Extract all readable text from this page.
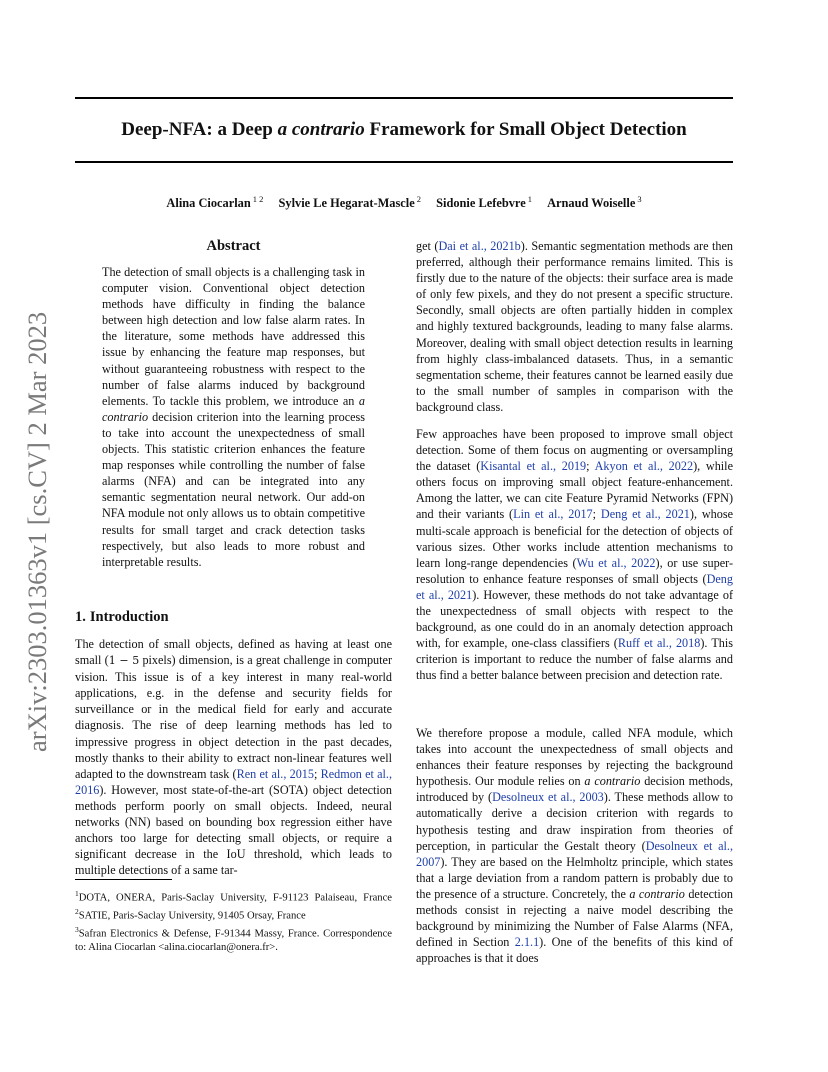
arXiv:2303.01363v1 [cs.CV] 2 Mar 2023
Deep-NFA: a Deep a contrario Framework for Small Object Detection
Alina Ciocarlan $^{1 2}$ Sylvie Le Hegarat-Mascle $^2$ Sidonie Lefebvre $^1$ Arnaud Woiselle $^3$
Abstract

The detection of small objects is a challenging task in computer vision. Conventional object detection methods have difficulty in finding the balance between high detection and low false alarm rates. In the literature, some methods have addressed this issue by enhancing the feature map responses, but without guaranteeing robustness with respect to the number of false alarms induced by background elements. To tackle this problem, we introduce an a contrario decision criterion into the learning process to take into account the unexpectedness of small objects. This statistic criterion enhances the feature map responses while controlling the number of false alarms (NFA) and can be integrated into any semantic segmentation neural network. Our add-on NFA module not only allows us to obtain competitive results for small target and crack detection tasks respectively, but also leads to more robust and interpretable results.

1. Introduction

The detection of small objects, defined as having at least one small (1 − 5 pixels) dimension, is a great challenge in computer vision. This issue is of a key interest in many real-world applications, e.g. in the defense and security fields for surveillance or in the medical field for early and accurate diagnosis. The rise of deep learning methods has led to impressive progress in object detection in the past decades, mostly thanks to their ability to extract non-linear features well adapted to the downstream task (Ren et al., 2015; Redmon et al., 2016). However, most state-of-the-art (SOTA) object detection methods perform poorly on small objects. Indeed, neural networks (NN) based on bounding box regression either have anchors too large for detecting small objects, or require a significant decrease in the IoU threshold, which leads to multiple detections of a same tar-

$^1$DOTA, ONERA, Paris-Saclay University, F-91123 Palaiseau, France $^2$SATIE, Paris-Saclay University, 91405 Orsay, France
$^3$Safran Electronics & Defense, F-91344 Massy, France. Correspondence to: Alina Ciocarlan <alina.ciocarlan@onera.fr>.

get (Dai et al., 2021b). Semantic segmentation methods are then preferred, although their performance remains limited. This is firstly due to the nature of the objects: their surface area is made of only few pixels, and they do not present a specific structure. Secondly, small objects are often partially hidden in complex and highly textured backgrounds, leading to many false alarms. Moreover, dealing with small object detection results in learning from highly class-imbalanced datasets. Thus, in a semantic segmentation scheme, their features cannot be learned easily due to the small number of samples in comparison with the background class.

Few approaches have been proposed to improve small object detection. Some of them focus on augmenting or oversampling the dataset (Kisantal et al., 2019; Akyon et al., 2022), while others focus on improving small object feature-enhancement. Among the latter, we can cite Feature Pyramid Networks (FPN) and their variants (Lin et al., 2017; Deng et al., 2021), whose multi-scale approach is beneficial for the detection of objects of various sizes. Other works include attention mechanisms to learn long-range dependencies (Wu et al., 2022), or use super-resolution to enhance feature responses of small objects (Deng et al., 2021). However, these methods do not take advantage of the unexpectedness of small objects with respect to the background, as one could do in an anomaly detection approach with, for example, one-class classifiers (Ruff et al., 2018). This criterion is important to reduce the number of false alarms and thus find a better balance between precision and detection rate.

We therefore propose a module, called NFA module, which takes into account the unexpectedness of small objects and enhances their feature responses by rejecting the background hypothesis. Our module relies on a contrario decision methods, introduced by (Desolneux et al., 2003). These methods allow to automatically derive a decision criterion with regards to hypothesis testing and draw inspiration from theories of perception, in particular the Gestalt theory (Desolneux et al., 2007). They are based on the Helmholtz principle, which states that a large deviation from a random pattern is probably due to the presence of a structure. Concretely, the a contrario detection methods consist in rejecting a naive model describing the background by minimizing the Number of False Alarms (NFA, defined in Section 2.1.1). One of the benefits of this kind of approaches is that it does
